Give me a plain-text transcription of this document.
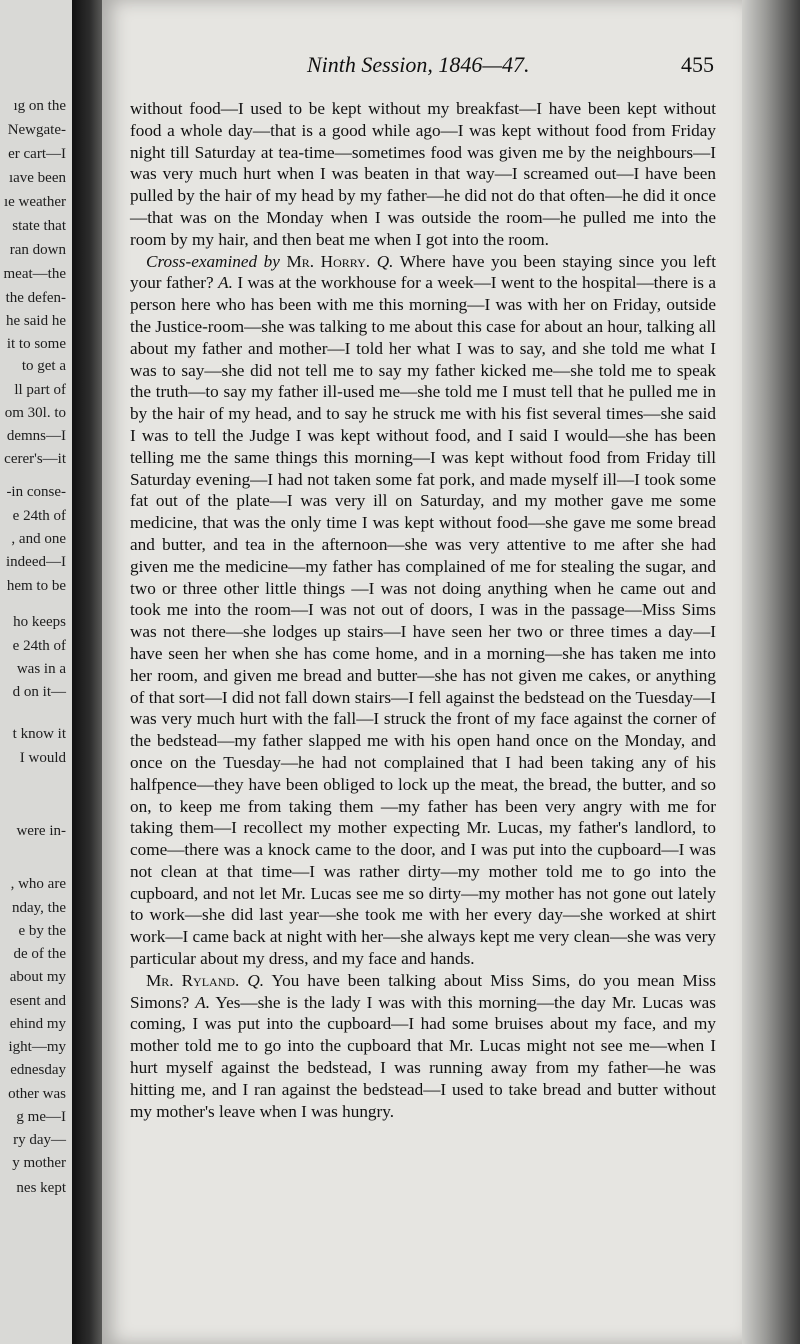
ıg on the
Newgate-
er cart—I
ıave been
ıe weather
state that
ran down
meat—the
the defen-
he said he
it to some
to get a
ll part of
om 30l. to
demns—I
cerer's—it
-in conse-
e 24th of
, and one
indeed—I
hem to be
ho keeps
e 24th of
was in a
d on it—
t know it
I would
were in-
, who are
nday, the
e by the
de of the
about my
esent and
ehind my
ight—my
ednesday
other was
g me—I
ry day—
y mother
nes kept
Ninth Session, 1846—47.	455

without food—I used to be kept without my breakfast—I have been kept without food a whole day—that is a good while ago—I was kept without food from Friday night till Saturday at tea-time—sometimes food was given me by the neighbours—I was very much hurt when I was beaten in that way—I screamed out—I have been pulled by the hair of my head by my father—he did not do that often—he did it once—that was on the Monday when I was outside the room—he pulled me into the room by my hair, and then beat me when I got into the room.

Cross-examined by Mr. Horry. Q. Where have you been staying since you left your father? A. I was at the workhouse for a week—I went to the hospital—there is a person here who has been with me this morning—I was with her on Friday, outside the Justice-room—she was talking to me about this case for about an hour, talking all about my father and mother—I told her what I was to say, and she told me what I was to say—she did not tell me to say my father kicked me—she told me to speak the truth—to say my father ill-used me—she told me I must tell that he pulled me in by the hair of my head, and to say he struck me with his fist several times—she said I was to tell the Judge I was kept without food, and I said I would—she has been telling me the same things this morning—I was kept without food from Friday till Saturday evening—I had not taken some fat pork, and made myself ill—I took some fat out of the plate—I was very ill on Saturday, and my mother gave me some medicine, that was the only time I was kept without food—she gave me some bread and butter, and tea in the afternoon—she was very attentive to me after she had given me the medicine—my father has complained of me for stealing the sugar, and two or three other little things —I was not doing anything when he came out and took me into the room—I was not out of doors, I was in the passage—Miss Sims was not there—she lodges up stairs—I have seen her two or three times a day—I have seen her when she has come home, and in a morning—she has taken me into her room, and given me bread and butter—she has not given me cakes, or anything of that sort—I did not fall down stairs—I fell against the bedstead on the Tuesday—I was very much hurt with the fall—I struck the front of my face against the corner of the bedstead—my father slapped me with his open hand once on the Monday, and once on the Tuesday—he had not complained that I had been taking any of his halfpence—they have been obliged to lock up the meat, the bread, the butter, and so on, to keep me from taking them —my father has been very angry with me for taking them—I recollect my mother expecting Mr. Lucas, my father's landlord, to come—there was a knock came to the door, and I was put into the cupboard—I was not clean at that time—I was rather dirty—my mother told me to go into the cupboard, and not let Mr. Lucas see me so dirty—my mother has not gone out lately to work—she did last year—she took me with her every day—she worked at shirt work—I came back at night with her—she always kept me very clean—she was very particular about my dress, and my face and hands.

Mr. Ryland. Q. You have been talking about Miss Sims, do you mean Miss Simons? A. Yes—she is the lady I was with this morning—the day Mr. Lucas was coming, I was put into the cupboard—I had some bruises about my face, and my mother told me to go into the cupboard that Mr. Lucas might not see me—when I hurt myself against the bedstead, I was running away from my father—he was hitting me, and I ran against the bedstead—I used to take bread and butter without my mother's leave when I was hungry.
